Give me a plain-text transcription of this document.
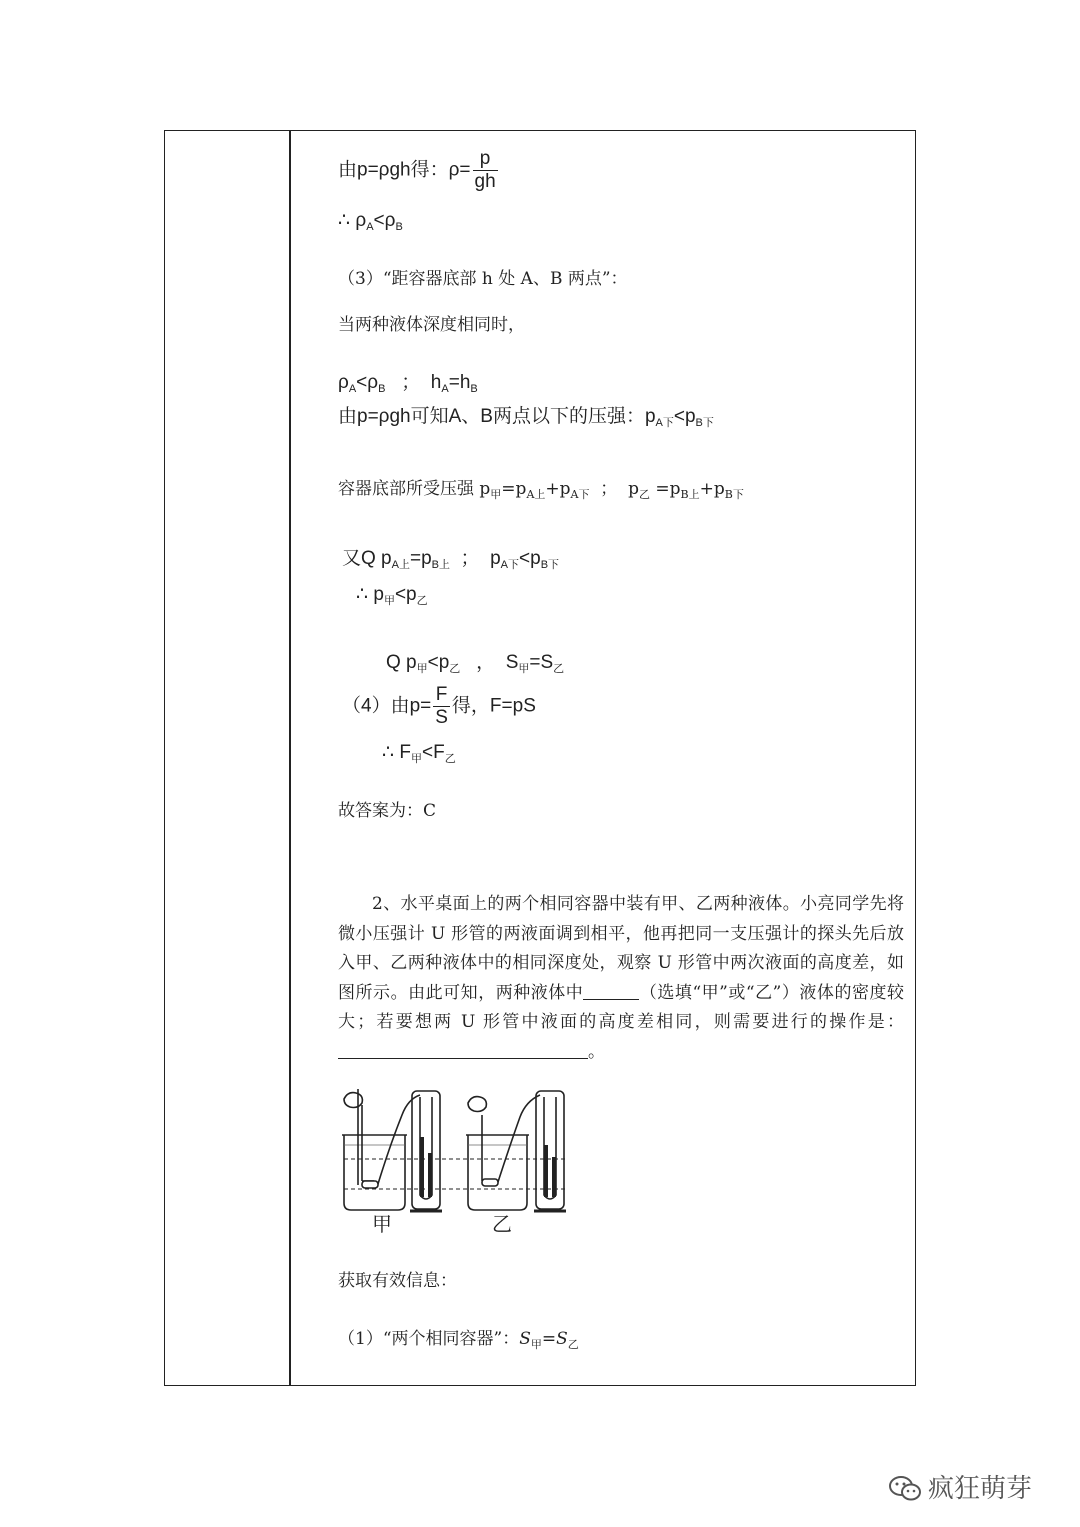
由p=ρgh得：$\rho= \frac{p}{gh}$
∴ $\rho_A<\rho_B$
（3）“距容器底部 h 处 A、B 两点”：
当两种液体深度相同时，
$\rho_A<\rho_B$   ；  $h_A=h_B$
由p=ρgh可知A、B两点以下的压强：$p_{A下}<p_{B下}$
容器底部所受压强 $p_甲=p_{A上}+p_{A下}$  ；  $p_乙 =p_{B上}+p_{B下}$
又Q $p_{A上}=p_{B上}$  ；  $p_{A下}<p_{B下}$
∴ $p_甲<p_乙$
Q $p_甲<p_乙$   ，  $S_甲=S_乙$
（4）由$p= \frac{F}{S}$ 得，F=pS
∴ $F_甲<F_乙$
故答案为：C

2、水平桌面上的两个相同容器中装有甲、乙两种液体。小亮同学先将微小压强计 U 形管的两液面调到相平，他再把同一支压强计的探头先后放入甲、乙两种液体中的相同深度处，观察 U 形管中两次液面的高度差，如图所示。由此可知，两种液体中	（选填“甲”或“乙”）液体的密度较大；若要想两 U 形管中液面的高度差相同，则需要进行的操作是：。

甲	乙
获取有效信息：
（1）“两个相同容器”：$S_甲=S_乙$
疯狂萌芽
